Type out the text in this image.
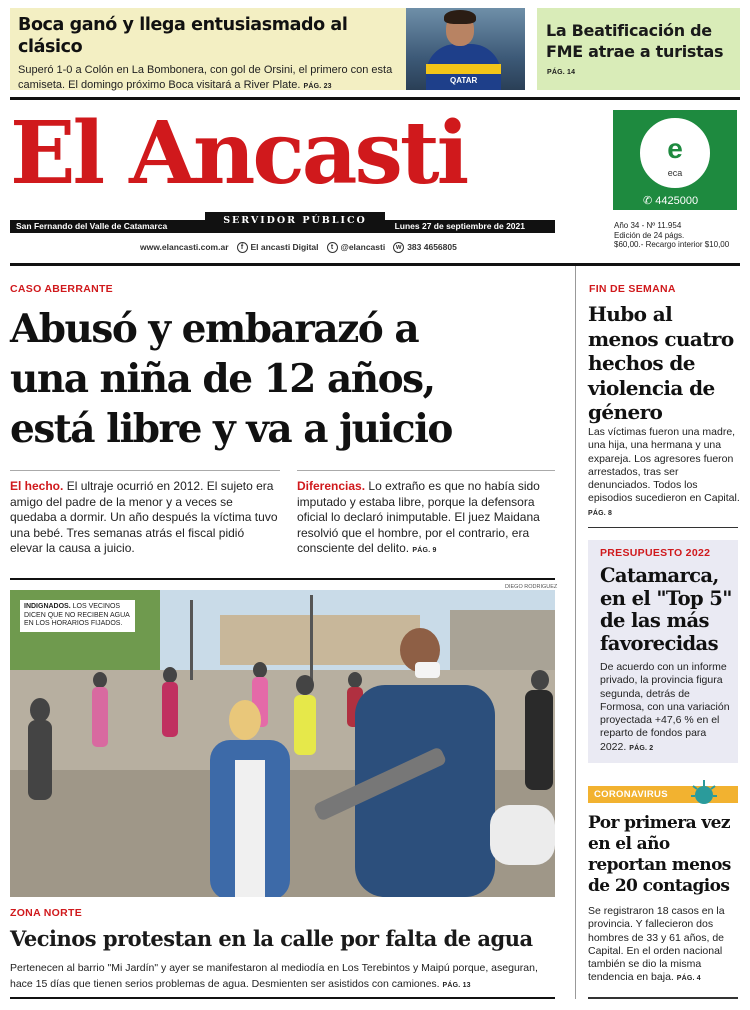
Boca ganó y llega entusiasmado al clásico
Superó 1-0 a Colón en La Bombonera, con gol de Orsini, el primero con esta camiseta. El domingo próximo Boca visitará a River Plate. PÁG. 23
QATAR
La Beatificación de FME atrae a turistas
PÁG. 14
El Ancasti
San Fernando del Valle de Catamarca	SERVIDOR PÚBLICO	Lunes 27 de septiembre de 2021
www.elancasti.com.ar	f El ancasti Digital	t @elancasti	w 383 4656805
e
eca
✆ 4425000
Año 34 - Nº 11.954
Edición de 24 págs.
$60,00.- Recargo interior $10,00
CASO ABERRANTE
Abusó y embarazó a
una niña de 12 años,
está libre y va a juicio
El hecho. El ultraje ocurrió en 2012. El sujeto era amigo del padre de la menor y a veces se quedaba a dormir. Un año después la víctima tuvo una bebé. Tres semanas atrás el fiscal pidió elevar la causa a juicio.
Diferencias. Lo extraño es que no había sido imputado y estaba libre, porque la defensora oficial lo declaró inimputable. El juez Maidana resolvió que el hombre, por el contrario, era consciente del delito. PÁG. 9
DIEGO RODRIGUEZ
INDIGNADOS. LOS VECINOS DICEN QUE NO RECIBEN AGUA EN LOS HORARIOS FIJADOS.
ZONA NORTE
Vecinos protestan en la calle por falta de agua
Pertenecen al barrio "Mi Jardín" y ayer se manifestaron al mediodía en Los Terebintos y Maipú porque, aseguran, hace 15 días que tienen serios problemas de agua. Desmienten ser asistidos con camiones. PÁG. 13
FIN DE SEMANA
Hubo al menos cuatro hechos de violencia de género
Las víctimas fueron una madre, una hija, una hermana y una expareja. Los agresores fueron arrestados, tras ser denunciados. Todos los episodios sucedieron en Capital. PÁG. 8
PRESUPUESTO 2022
Catamarca, en el "Top 5" de las más favorecidas
De acuerdo con un informe privado, la provincia figura segunda, detrás de Formosa, con una variación proyectada +47,6 % en el reparto de fondos para 2022. PÁG. 2
CORONAVIRUS
Por primera vez en el año reportan menos de 20 contagios
Se registraron 18 casos en la provincia. Y fallecieron dos hombres de 33 y 61 años, de Capital. En el orden nacional también se dio la misma tendencia en baja. PÁG. 4
